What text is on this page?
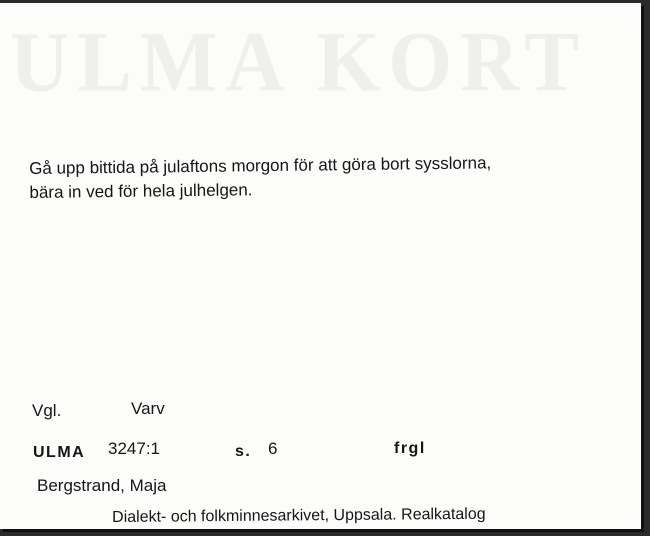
ULMA KORT
Gå upp bittida på julaftons morgon för att göra bort sysslorna,
bära in ved för hela julhelgen.
Vgl.	Varv
ULMA 3247:1	s. 6	frgl
Bergstrand, Maja
Dialekt- och folkminnesarkivet, Uppsala. Realkatalog
